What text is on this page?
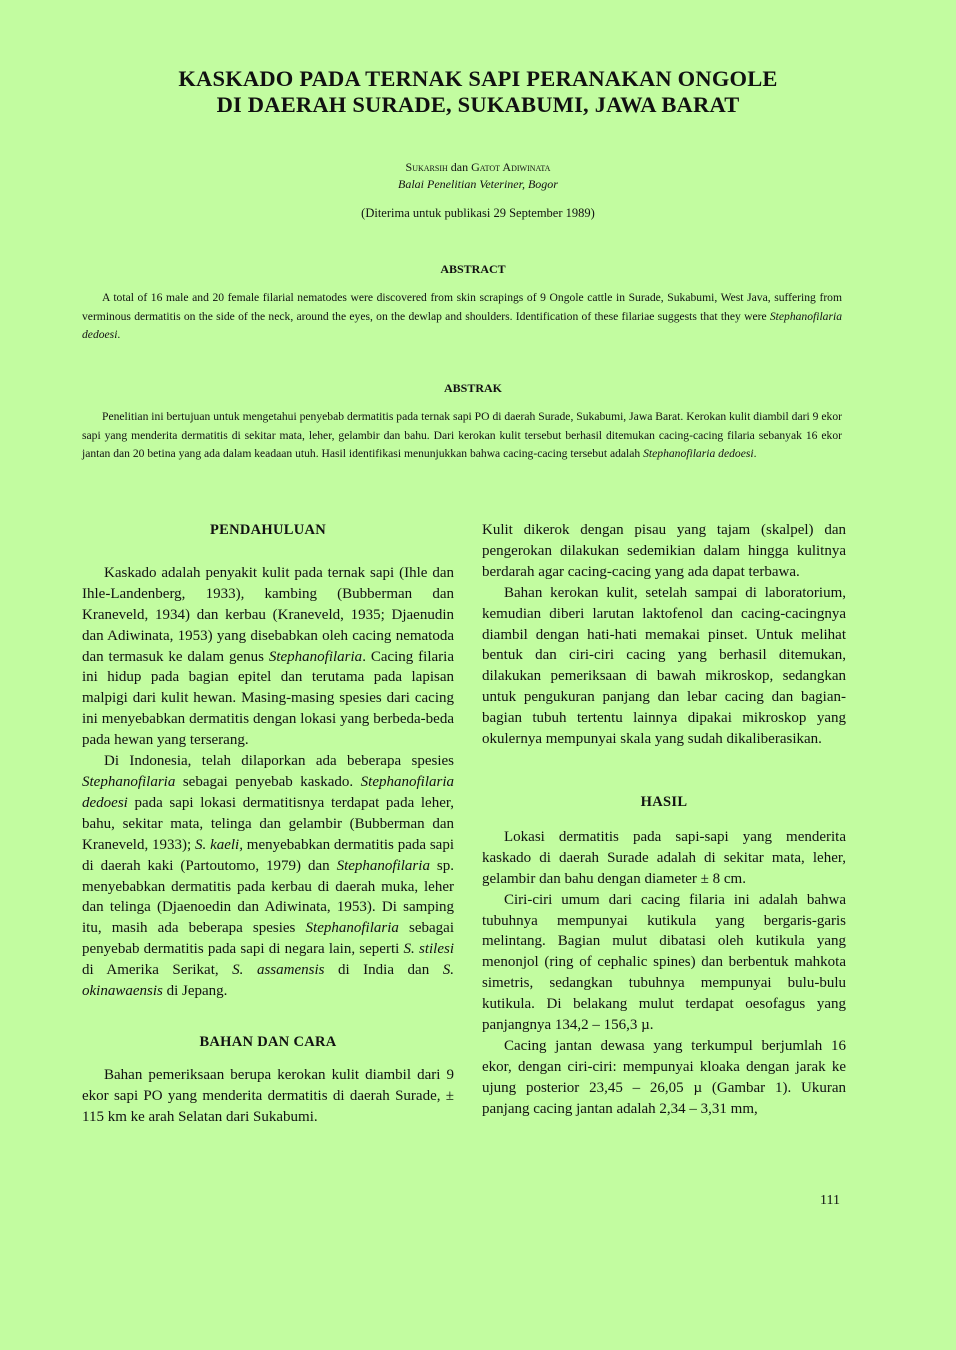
KASKADO PADA TERNAK SAPI PERANAKAN ONGOLE
DI DAERAH SURADE, SUKABUMI, JAWA BARAT
Sukarsih dan Gatot Adiwinata
Balai Penelitian Veteriner, Bogor
(Diterima untuk publikasi 29 September 1989)
ABSTRACT

A total of 16 male and 20 female filarial nematodes were discovered from skin scrapings of 9 Ongole cattle in Surade, Sukabumi, West Java, suffering from verminous dermatitis on the side of the neck, around the eyes, on the dewlap and shoulders. Identification of these filariae suggests that they were Stephanofilaria dedoesi.

ABSTRAK

Penelitian ini bertujuan untuk mengetahui penyebab dermatitis pada ternak sapi PO di daerah Surade, Sukabumi, Jawa Barat. Kerokan kulit diambil dari 9 ekor sapi yang menderita dermatitis di sekitar mata, leher, gelambir dan bahu. Dari kerokan kulit tersebut berhasil ditemukan cacing-cacing filaria sebanyak 16 ekor jantan dan 20 betina yang ada dalam keadaan utuh. Hasil identifikasi menunjukkan bahwa cacing-cacing tersebut adalah Stephanofilaria dedoesi.

PENDAHULUAN

Kaskado adalah penyakit kulit pada ternak sapi (Ihle dan Ihle-Landenberg, 1933), kambing (Bubberman dan Kraneveld, 1934) dan kerbau (Kraneveld, 1935; Djaenudin dan Adiwinata, 1953) yang disebabkan oleh cacing nematoda dan termasuk ke dalam genus Stephanofilaria. Cacing filaria ini hidup pada bagian epitel dan terutama pada lapisan malpigi dari kulit hewan. Masing-masing spesies dari cacing ini menyebabkan dermatitis dengan lokasi yang berbeda-beda pada hewan yang terserang.

Di Indonesia, telah dilaporkan ada beberapa spesies Stephanofilaria sebagai penyebab kaskado. Stephanofilaria dedoesi pada sapi lokasi dermatitisnya terdapat pada leher, bahu, sekitar mata, telinga dan gelambir (Bubberman dan Kraneveld, 1933); S. kaeli, menyebabkan dermatitis pada sapi di daerah kaki (Partoutomo, 1979) dan Stephanofilaria sp. menyebabkan dermatitis pada kerbau di daerah muka, leher dan telinga (Djaenoedin dan Adiwinata, 1953). Di samping itu, masih ada beberapa spesies Stephanofilaria sebagai penyebab dermatitis pada sapi di negara lain, seperti S. stilesi di Amerika Serikat, S. assamensis di India dan S. okinawaensis di Jepang.

BAHAN DAN CARA

Bahan pemeriksaan berupa kerokan kulit diambil dari 9 ekor sapi PO yang menderita dermatitis di daerah Surade, ± 115 km ke arah Selatan dari Sukabumi.

Kulit dikerok dengan pisau yang tajam (skalpel) dan pengerokan dilakukan sedemikian dalam hingga kulitnya berdarah agar cacing-cacing yang ada dapat terbawa.

Bahan kerokan kulit, setelah sampai di laboratorium, kemudian diberi larutan laktofenol dan cacing-cacingnya diambil dengan hati-hati memakai pinset. Untuk melihat bentuk dan ciri-ciri cacing yang berhasil ditemukan, dilakukan pemeriksaan di bawah mikroskop, sedangkan untuk pengukuran panjang dan lebar cacing dan bagian-bagian tubuh tertentu lainnya dipakai mikroskop yang okulernya mempunyai skala yang sudah dikaliberasikan.

HASIL

Lokasi dermatitis pada sapi-sapi yang menderita kaskado di daerah Surade adalah di sekitar mata, leher, gelambir dan bahu dengan diameter ± 8 cm.

Ciri-ciri umum dari cacing filaria ini adalah bahwa tubuhnya mempunyai kutikula yang bergaris-garis melintang. Bagian mulut dibatasi oleh kutikula yang menonjol (ring of cephalic spines) dan berbentuk mahkota simetris, sedangkan tubuhnya mempunyai bulu-bulu kutikula. Di belakang mulut terdapat oesofagus yang panjangnya 134,2 – 156,3 µ.

Cacing jantan dewasa yang terkumpul berjumlah 16 ekor, dengan ciri-ciri: mempunyai kloaka dengan jarak ke ujung posterior 23,45 – 26,05 µ (Gambar 1). Ukuran panjang cacing jantan adalah 2,34 – 3,31 mm,

111
